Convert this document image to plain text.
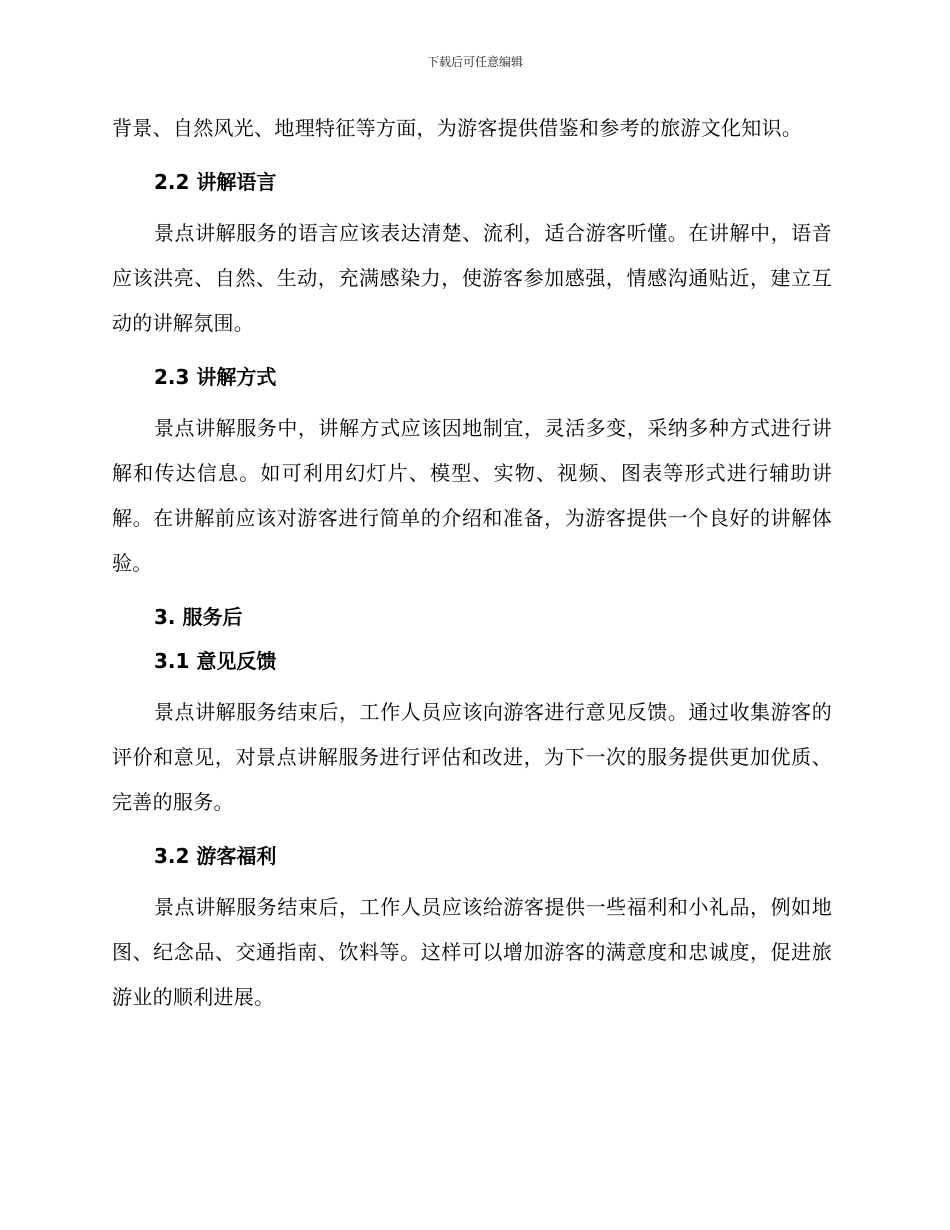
下载后可任意编辑

背景、自然风光、地理特征等方面，为游客提供借鉴和参考的旅游文化知识。

2.2 讲解语言

景点讲解服务的语言应该表达清楚、流利，适合游客听懂。在讲解中，语音应该洪亮、自然、生动，充满感染力，使游客参加感强，情感沟通贴近，建立互动的讲解氛围。

2.3 讲解方式

景点讲解服务中，讲解方式应该因地制宜，灵活多变，采纳多种方式进行讲解和传达信息。如可利用幻灯片、模型、实物、视频、图表等形式进行辅助讲解。在讲解前应该对游客进行简单的介绍和准备，为游客提供一个良好的讲解体验。

3. 服务后
3.1 意见反馈

景点讲解服务结束后，工作人员应该向游客进行意见反馈。通过收集游客的评价和意见，对景点讲解服务进行评估和改进，为下一次的服务提供更加优质、完善的服务。

3.2 游客福利

景点讲解服务结束后，工作人员应该给游客提供一些福利和小礼品，例如地图、纪念品、交通指南、饮料等。这样可以增加游客的满意度和忠诚度，促进旅游业的顺利进展。
